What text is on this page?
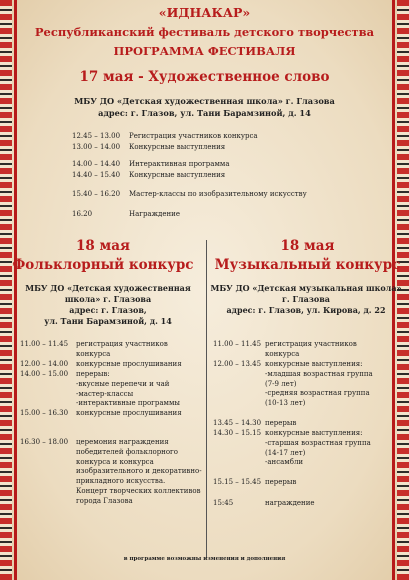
«ИДНАКАР»
Республиканский фестиваль детского творчества
ПРОГРАММА ФЕСТИВАЛЯ
17 мая - Художественное слово
МБУ ДО «Детская художественная школа» г. Глазова
адрес: г. Глазов, ул. Тани Барамзиной, д. 14
12.45 – 13.00 Регистрация участников конкурса
13.00 – 14.00 Конкурсные выступления
14.00 – 14.40 Интерактивная программа
14.40 – 15.40 Конкурсные выступления
15.40 – 16.20 Мастер-классы по изобразительному искусству
16.20	Награждение
18 мая
Фольклорный конкурс
18 мая
Музыкальный конкурс
МБУ ДО «Детская художественная
школа» г. Глазова
адрес: г. Глазов,
ул. Тани Барамзиной, д. 14
МБУ ДО «Детская музыкальная школа»
г. Глазова
адрес: г. Глазов, ул. Кирова, д. 22
11.00 – 11.45 регистрация участников
конкурса
12.00 – 14.00 конкурсные прослушивания
14.00 – 15.00 перерыв:
-вкусные перепечи и чай
-мастер-классы
-интерактивные программы
15.00 – 16.30 конкурсные прослушивания
16.30 – 18.00 церемония награждения
победителей фольклорного
конкурса и конкурса
изобразительного и декоративно-
прикладного искусства.
Концерт творческих коллективов
города Глазова
11.00 – 11.45 регистрация участников
конкурса
12.00 – 13.45 конкурсные выступления:
-младшая возрастная группа
(7-9 лет)
-средняя возрастная группа
(10-13 лет)
13.45 – 14.30 перерыв
14.30 – 15.15 конкурсные выступления:
-старшая возрастная группа
(14-17 лет)
-ансамбли
15.15 – 15.45 перерыв
15:45	награждение
в программе возможны изменения и дополнения
